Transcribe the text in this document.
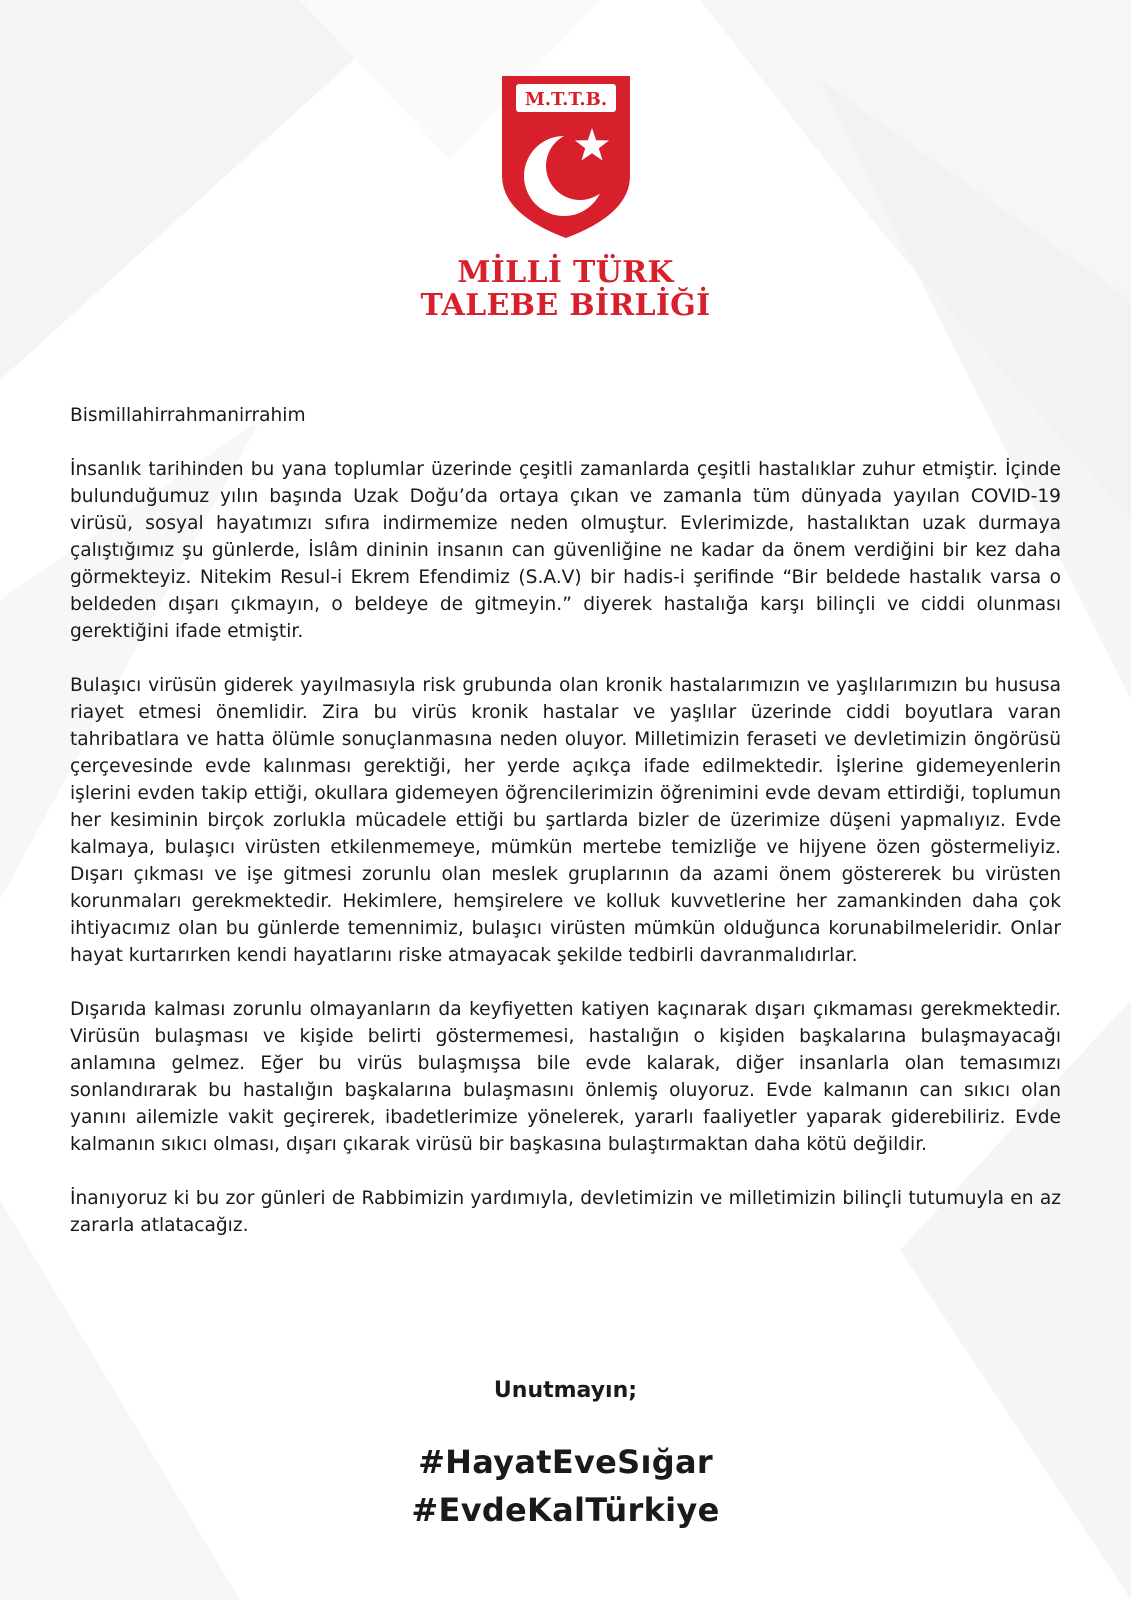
M.T.T.B.
MİLLİ TÜRK
TALEBE BİRLİĞİ

Bismillahirrahmanirrahim

İnsanlık tarihinden bu yana toplumlar üzerinde çeşitli zamanlarda çeşitli hastalıklar zuhur etmiştir. İçinde bulunduğumuz yılın başında Uzak Doğu’da ortaya çıkan ve zamanla tüm dünyada yayılan COVID-19 virüsü, sosyal hayatımızı sıfıra indirmemize neden olmuştur. Evlerimizde, hastalıktan uzak durmaya çalıştığımız şu günlerde, İslâm dininin insanın can güvenliğine ne kadar da önem verdiğini bir kez daha görmekteyiz. Nitekim Resul-i Ekrem Efendimiz (S.A.V) bir hadis-i şerifinde “Bir beldede hastalık varsa o beldeden dışarı çıkmayın, o beldeye de gitmeyin.” diyerek hastalığa karşı bilinçli ve ciddi olunması gerektiğini ifade etmiştir.

Bulaşıcı virüsün giderek yayılmasıyla risk grubunda olan kronik hastalarımızın ve yaşlılarımızın bu hususa riayet etmesi önemlidir. Zira bu virüs kronik hastalar ve yaşlılar üzerinde ciddi boyutlara varan tahribatlara ve hatta ölümle sonuçlanmasına neden oluyor. Milletimizin feraseti ve devletimizin öngörüsü çerçevesinde evde kalınması gerektiği, her yerde açıkça ifade edilmektedir. İşlerine gidemeyenlerin işlerini evden takip ettiği, okullara gidemeyen öğrencilerimizin öğrenimini evde devam ettirdiği, toplumun her kesiminin birçok zorlukla mücadele ettiği bu şartlarda bizler de üzerimize düşeni yapmalıyız. Evde kalmaya, bulaşıcı virüsten etkilenmemeye, mümkün mertebe temizliğe ve hijyene özen göstermeliyiz. Dışarı çıkması ve işe gitmesi zorunlu olan meslek gruplarının da azami önem göstererek bu virüsten korunmaları gerekmektedir. Hekimlere, hemşirelere ve kolluk kuvvetlerine her zamankinden daha çok ihtiyacımız olan bu günlerde temennimiz, bulaşıcı virüsten mümkün olduğunca korunabilmeleridir. Onlar hayat kurtarırken kendi hayatlarını riske atmayacak şekilde tedbirli davranmalıdırlar.

Dışarıda kalması zorunlu olmayanların da keyfiyetten katiyen kaçınarak dışarı çıkmaması gerekmektedir. Virüsün bulaşması ve kişide belirti göstermemesi, hastalığın o kişiden başkalarına bulaşmayacağı anlamına gelmez. Eğer bu virüs bulaşmışsa bile evde kalarak, diğer insanlarla olan temasımızı sonlandırarak bu hastalığın başkalarına bulaşmasını önlemiş oluyoruz. Evde kalmanın can sıkıcı olan yanını ailemizle vakit geçirerek, ibadetlerimize yönelerek, yararlı faaliyetler yaparak giderebiliriz. Evde kalmanın sıkıcı olması, dışarı çıkarak virüsü bir başkasına bulaştırmaktan daha kötü değildir.

İnanıyoruz ki bu zor günleri de Rabbimizin yardımıyla, devletimizin ve milletimizin bilinçli tutumuyla en az zararla atlatacağız.

Unutmayın;
#HayatEveSığar
#EvdeKalTürkiye
